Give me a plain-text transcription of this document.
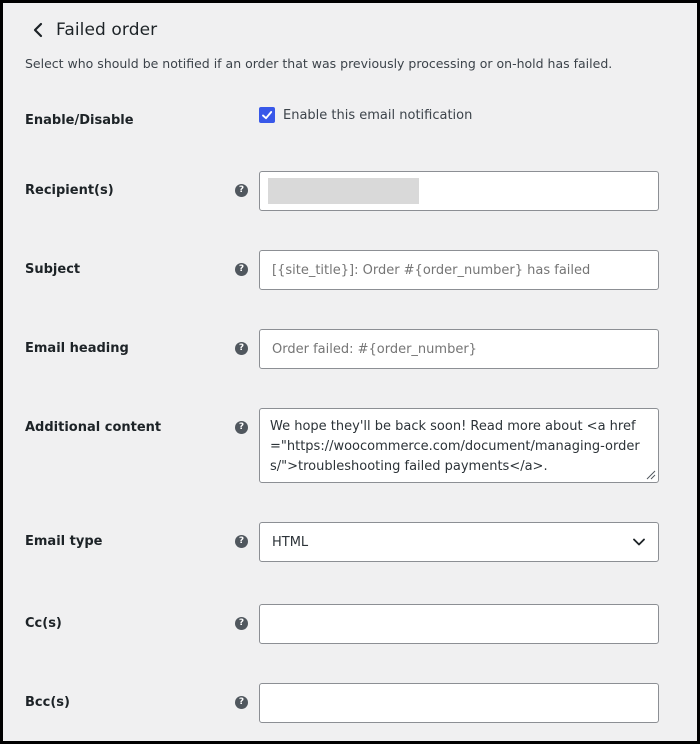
Failed order
Select who should be notified if an order that was previously processing or on-hold has failed.
Enable/Disable	Enable this email notification
Recipient(s)	?
Subject	? [{site_title}]: Order #{order_number} has failed
Email heading	? Order failed: #{order_number}
Additional content	?	We hope they'll be back soon! Read more about <a href="https://woocommerce.com/document/managing-orders/">troubleshooting failed payments</a>.
Email type	? HTML
Cc(s)	?
Bcc(s)	?
